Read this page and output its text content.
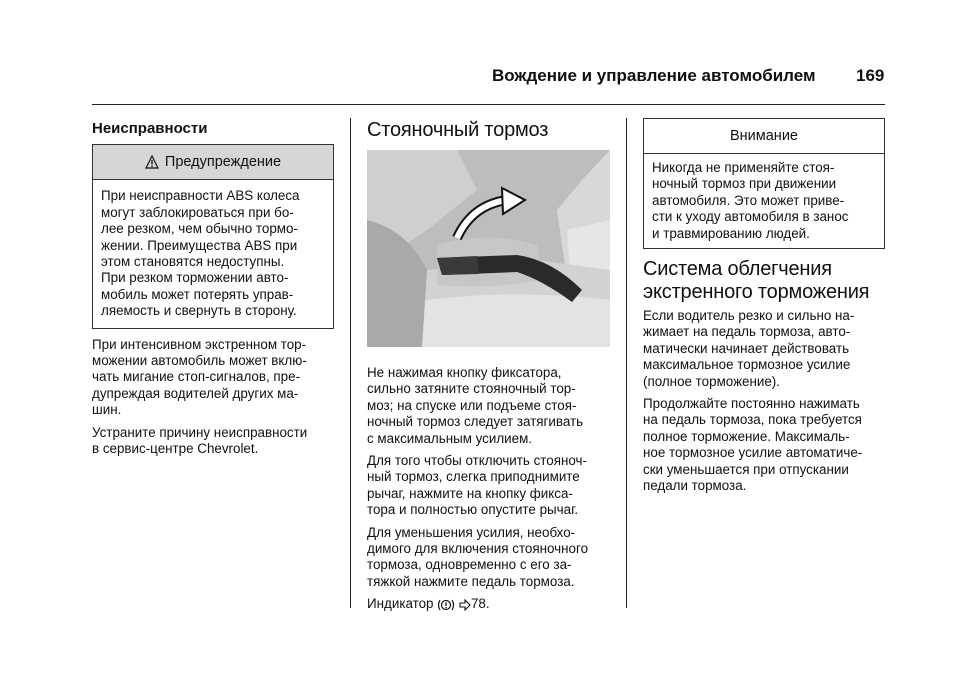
Вождение и управление автомобилем 169
Неисправности
Предупреждение
При неисправности ABS колеса
могут заблокироваться при бо-
лее резком, чем обычно тормо-
жении. Преимущества ABS при
этом становятся недоступны.
При резком торможении авто-
мобиль может потерять управ-
ляемость и свернуть в сторону.

При интенсивном экстренном тор-
можении автомобиль может вклю-
чать мигание стоп-сигналов, пре-
дупреждая водителей других ма-
шин.

Устраните причину неисправности
в сервис-центре Chevrolet.

Стояночный тормоз

Не нажимая кнопку фиксатора,
сильно затяните стояночный тор-
моз; на спуске или подъеме стоя-
ночный тормоз следует затягивать
с максимальным усилием.

Для того чтобы отключить стояноч-
ный тормоз, слегка приподнимите
рычаг, нажмите на кнопку фикса-
тора и полностью опустите рычаг.

Для уменьшения усилия, необхо-
димого для включения стояночного
тормоза, одновременно с его за-
тяжкой нажмите педаль тормоза.

Индикатор	78.

Внимание
Никогда не применяйте стоя-
ночный тормоз при движении
автомобиля. Это может приве-
сти к уходу автомобиля в занос
и травмированию людей.
Система облегчения
экстренного торможения

Если водитель резко и сильно на-
жимает на педаль тормоза, авто-
матически начинает действовать
максимальное тормозное усилие
(полное торможение).

Продолжайте постоянно нажимать
на педаль тормоза, пока требуется
полное торможение. Максималь-
ное тормозное усилие автоматиче-
ски уменьшается при отпускании
педали тормоза.
